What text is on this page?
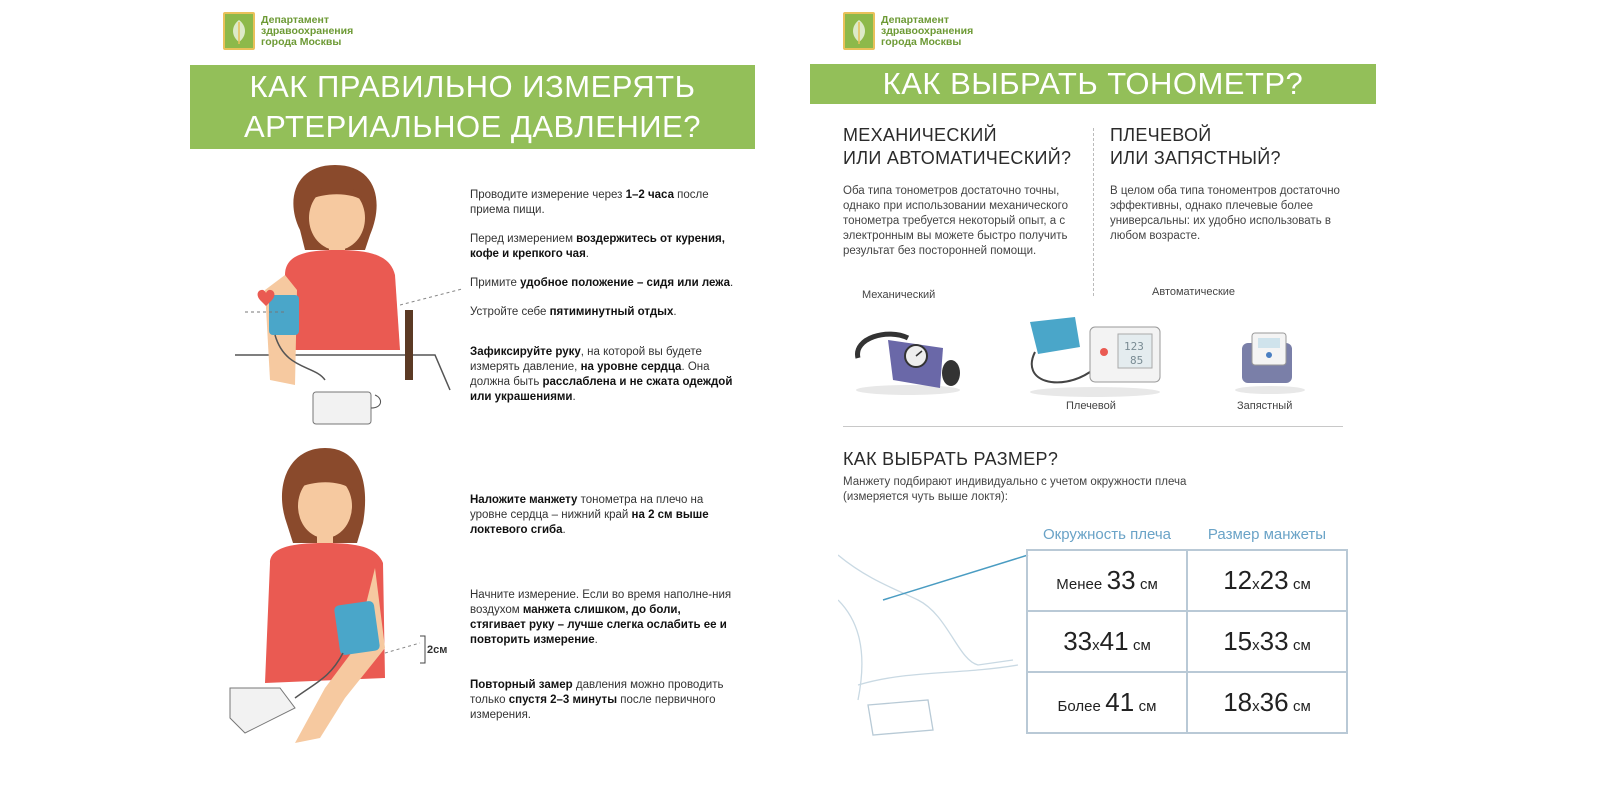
Департамент
здравоохранения
города Москвы
КАК ПРАВИЛЬНО ИЗМЕРЯТЬ
АРТЕРИАЛЬНОЕ ДАВЛЕНИЕ?
Проводите измерение через 1–2 часа после приема пищи.
Перед измерением воздержитесь от курения, кофе и крепкого чая.
Примите удобное положение – сидя или лежа.
Устройте себе пятиминутный отдых.
Зафиксируйте руку, на которой вы будете измерять давление, на уровне сердца. Она должна быть расслаблена и не сжата одеждой или украшениями.
2см
Наложите манжету тонометра на плечо на уровне сердца – нижний край на 2 см выше локтевого сгиба.
Начните измерение. Если во время наполне-ния воздухом манжета слишком, до боли, стягивает руку – лучше слегка ослабить ее и повторить измерение.
Повторный замер давления можно проводить только спустя 2–3 минуты после первичного измерения.
Департамент
здравоохранения
города Москвы
КАК ВЫБРАТЬ ТОНОМЕТР?
МЕХАНИЧЕСКИЙ
ИЛИ АВТОМАТИЧЕСКИЙ?
Оба типа тонометров достаточно точны, однако при использовании механического тонометра требуется некоторый опыт, а с электронным вы можете быстро получить результат без посторонней помощи.
ПЛЕЧЕВОЙ
ИЛИ ЗАПЯСТНЫЙ?
В целом оба типа тономентров достаточно эффективны, однако плечевые более универсальны: их удобно использовать в любом возрасте.
Механический	Автоматические
123
85
Плечевой	Запястный
КАК ВЫБРАТЬ РАЗМЕР?
Манжету подбирают индивидуально с учетом окружности плеча (измеряется чуть выше локтя):
Окружность плеча	Размер манжеты
Менее 33 см	12x23 см
33x41 см	15x33 см
Более 41 см	18x36 см
